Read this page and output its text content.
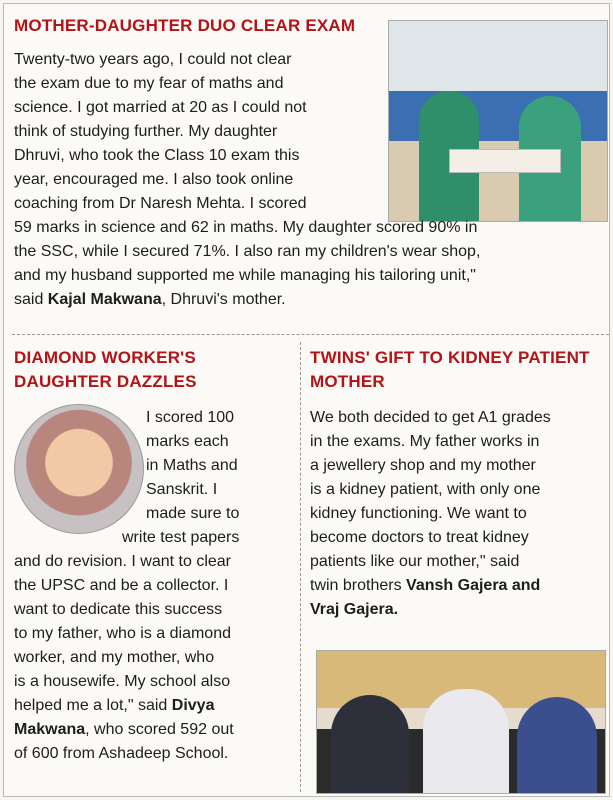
MOTHER-DAUGHTER DUO CLEAR EXAM
Twenty-two years ago, I could not clear
the exam due to my fear of maths and
science. I got married at 20 as I could not
think of studying further. My daughter
Dhruvi, who took the Class 10 exam this
year, encouraged me. I also took online
coaching from Dr Naresh Mehta. I scored
59 marks in science and 62 in maths. My daughter scored 90% in
the SSC, while I secured 71%. I also ran my children's wear shop,
and my husband supported me while managing his tailoring unit,"
said Kajal Makwana, Dhruvi's mother.
DIAMOND WORKER'S DAUGHTER DAZZLES
I scored 100
marks each
in Maths and
Sanskrit. I
made sure to
write test papers
and do revision. I want to clear
the UPSC and be a collector. I
want to dedicate this success
to my father, who is a diamond
worker, and my mother, who
is a housewife. My school also
helped me a lot," said Divya
Makwana, who scored 592 out
of 600 from Ashadeep School.
TWINS' GIFT TO KIDNEY PATIENT MOTHER
We both decided to get A1 grades
in the exams. My father works in
a jewellery shop and my mother
is a kidney patient, with only one
kidney functioning. We want to
become doctors to treat kidney
patients like our mother," said
twin brothers Vansh Gajera and
Vraj Gajera.
